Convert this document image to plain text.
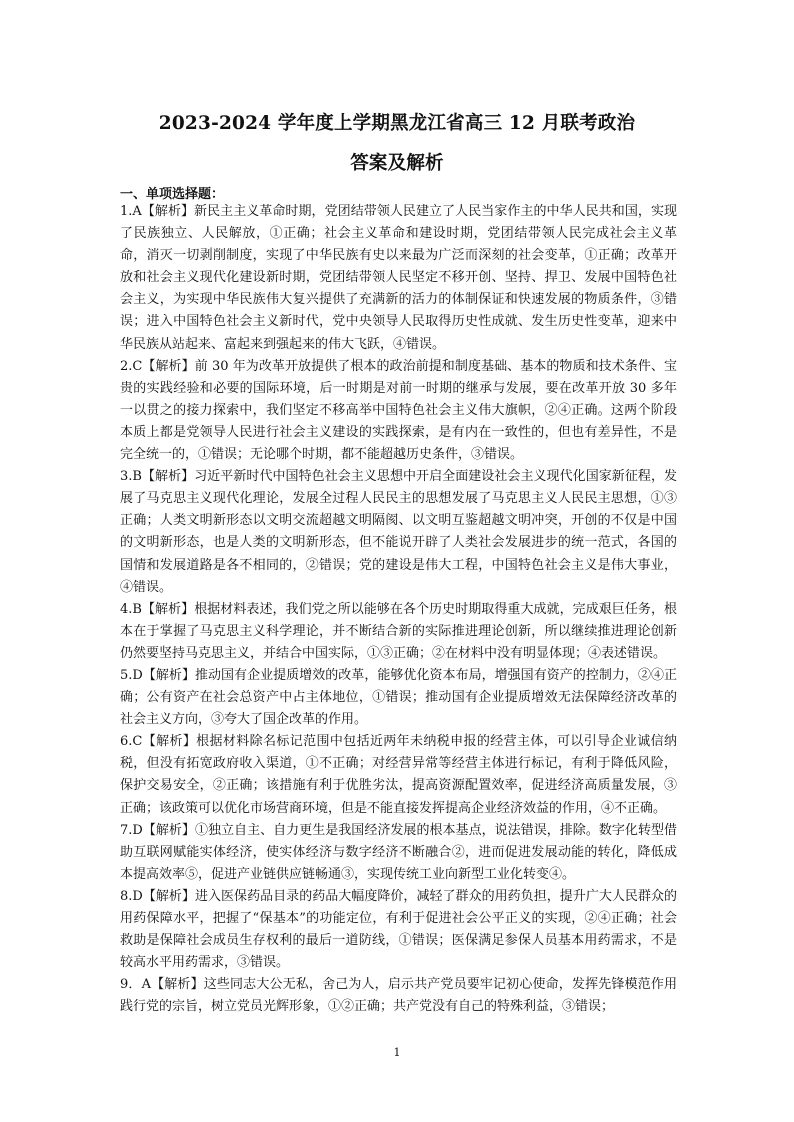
2023-2024 学年度上学期黑龙江省高三 12 月联考政治
答案及解析
一、单项选择题：

1.A【解析】新民主主义革命时期，党团结带领人民建立了人民当家作主的中华人民共和国，实现了民族独立、人民解放，①正确；社会主义革命和建设时期，党团结带领人民完成社会主义革命，消灭一切剥削制度，实现了中华民族有史以来最为广泛而深刻的社会变革，①正确；改革开放和社会主义现代化建设新时期，党团结带领人民坚定不移开创、坚持、捍卫、发展中国特色社会主义，为实现中华民族伟大复兴提供了充满新的活力的体制保证和快速发展的物质条件，③错误；进入中国特色社会主义新时代，党中央领导人民取得历史性成就、发生历史性变革，迎来中华民族从站起来、富起来到强起来的伟大飞跃，④错误。

2.C【解析】前 30 年为改革开放提供了根本的政治前提和制度基础、基本的物质和技术条件、宝贵的实践经验和必要的国际环境，后一时期是对前一时期的继承与发展，要在改革开放 30 多年一以贯之的接力探索中，我们坚定不移高举中国特色社会主义伟大旗帜，②④正确。这两个阶段本质上都是党领导人民进行社会主义建设的实践探索，是有内在一致性的，但也有差异性，不是完全统一的，①错误；无论哪个时期，都不能超越历史条件，③错误。

3.B【解析】习近平新时代中国特色社会主义思想中开启全面建设社会主义现代化国家新征程，发展了马克思主义现代化理论，发展全过程人民民主的思想发展了马克思主义人民民主思想，①③正确；人类文明新形态以文明交流超越文明隔阂、以文明互鉴超越文明冲突，开创的不仅是中国的文明新形态，也是人类的文明新形态，但不能说开辟了人类社会发展进步的统一范式，各国的国情和发展道路是各不相同的，②错误；党的建设是伟大工程，中国特色社会主义是伟大事业，④错误。

4.B【解析】根据材料表述，我们党之所以能够在各个历史时期取得重大成就，完成艰巨任务，根本在于掌握了马克思主义科学理论，并不断结合新的实际推进理论创新，所以继续推进理论创新仍然要坚持马克思主义，并结合中国实际，①③正确；②在材料中没有明显体现；④表述错误。

5.D【解析】推动国有企业提质增效的改革，能够优化资本布局，增强国有资产的控制力，②④正确；公有资产在社会总资产中占主体地位，①错误；推动国有企业提质增效无法保障经济改革的社会主义方向，③夸大了国企改革的作用。

6.C【解析】根据材料除名标记范围中包括近两年未纳税申报的经营主体，可以引导企业诚信纳税，但没有拓宽政府收入渠道，①不正确；对经营异常等经营主体进行标记，有利于降低风险，保护交易安全，②正确；该措施有利于优胜劣汰，提高资源配置效率，促进经济高质量发展，③正确；该政策可以优化市场营商环境，但是不能直接发挥提高企业经济效益的作用，④不正确。

7.D【解析】①独立自主、自力更生是我国经济发展的根本基点，说法错误，排除。数字化转型借助互联网赋能实体经济，使实体经济与数字经济不断融合②，进而促进发展动能的转化，降低成本提高效率⑤，促进产业链供应链畅通③，实现传统工业向新型工业化转变④。

8.D【解析】进入医保药品目录的药品大幅度降价，减轻了群众的用药负担，提升广大人民群众的用药保障水平，把握了“保基本”的功能定位，有利于促进社会公平正义的实现，②④正确；社会救助是保障社会成员生存权利的最后一道防线，①错误；医保满足参保人员基本用药需求，不是较高水平用药需求，③错误。

9．A【解析】这些同志大公无私，舍己为人，启示共产党员要牢记初心使命，发挥先锋模范作用践行党的宗旨，树立党员光辉形象，①②正确；共产党没有自己的特殊利益，③错误；

1
